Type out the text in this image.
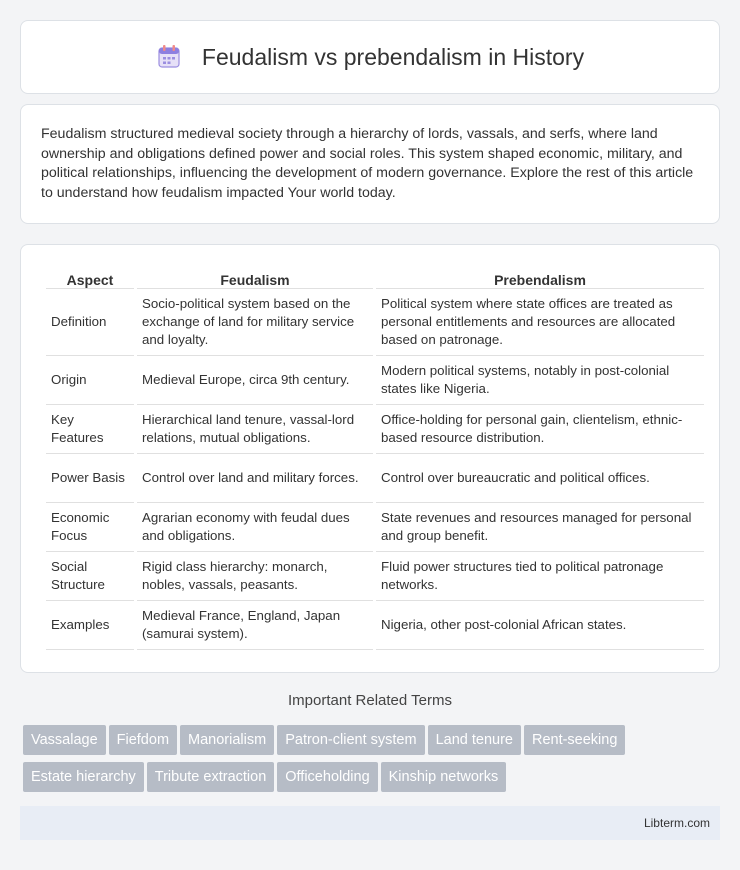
Feudalism vs prebendalism in History

Feudalism structured medieval society through a hierarchy of lords, vassals, and serfs, where land ownership and obligations defined power and social roles. This system shaped economic, military, and political relationships, influencing the development of modern governance. Explore the rest of this article to understand how feudalism impacted Your world today.

Aspect	Feudalism	Prebendalism
Definition	Socio-political system based on the exchange of land for military service and loyalty.	Political system where state offices are treated as personal entitlements and resources are allocated based on patronage.
Origin	Medieval Europe, circa 9th century.	Modern political systems, notably in post-colonial states like Nigeria.
Key Features	Hierarchical land tenure, vassal-lord relations, mutual obligations.	Office-holding for personal gain, clientelism, ethnic-based resource distribution.
Power Basis	Control over land and military forces.	Control over bureaucratic and political offices.
Economic Focus	Agrarian economy with feudal dues and obligations.	State revenues and resources managed for personal and group benefit.
Social Structure	Rigid class hierarchy: monarch, nobles, vassals, peasants.	Fluid power structures tied to political patronage networks.
Examples	Medieval France, England, Japan (samurai system).	Nigeria, other post-colonial African states.
Important Related Terms
Vassalage Fiefdom Manorialism Patron-client system Land tenure Rent-seeking
Estate hierarchy Tribute extraction Officeholding Kinship networks
Libterm.com
